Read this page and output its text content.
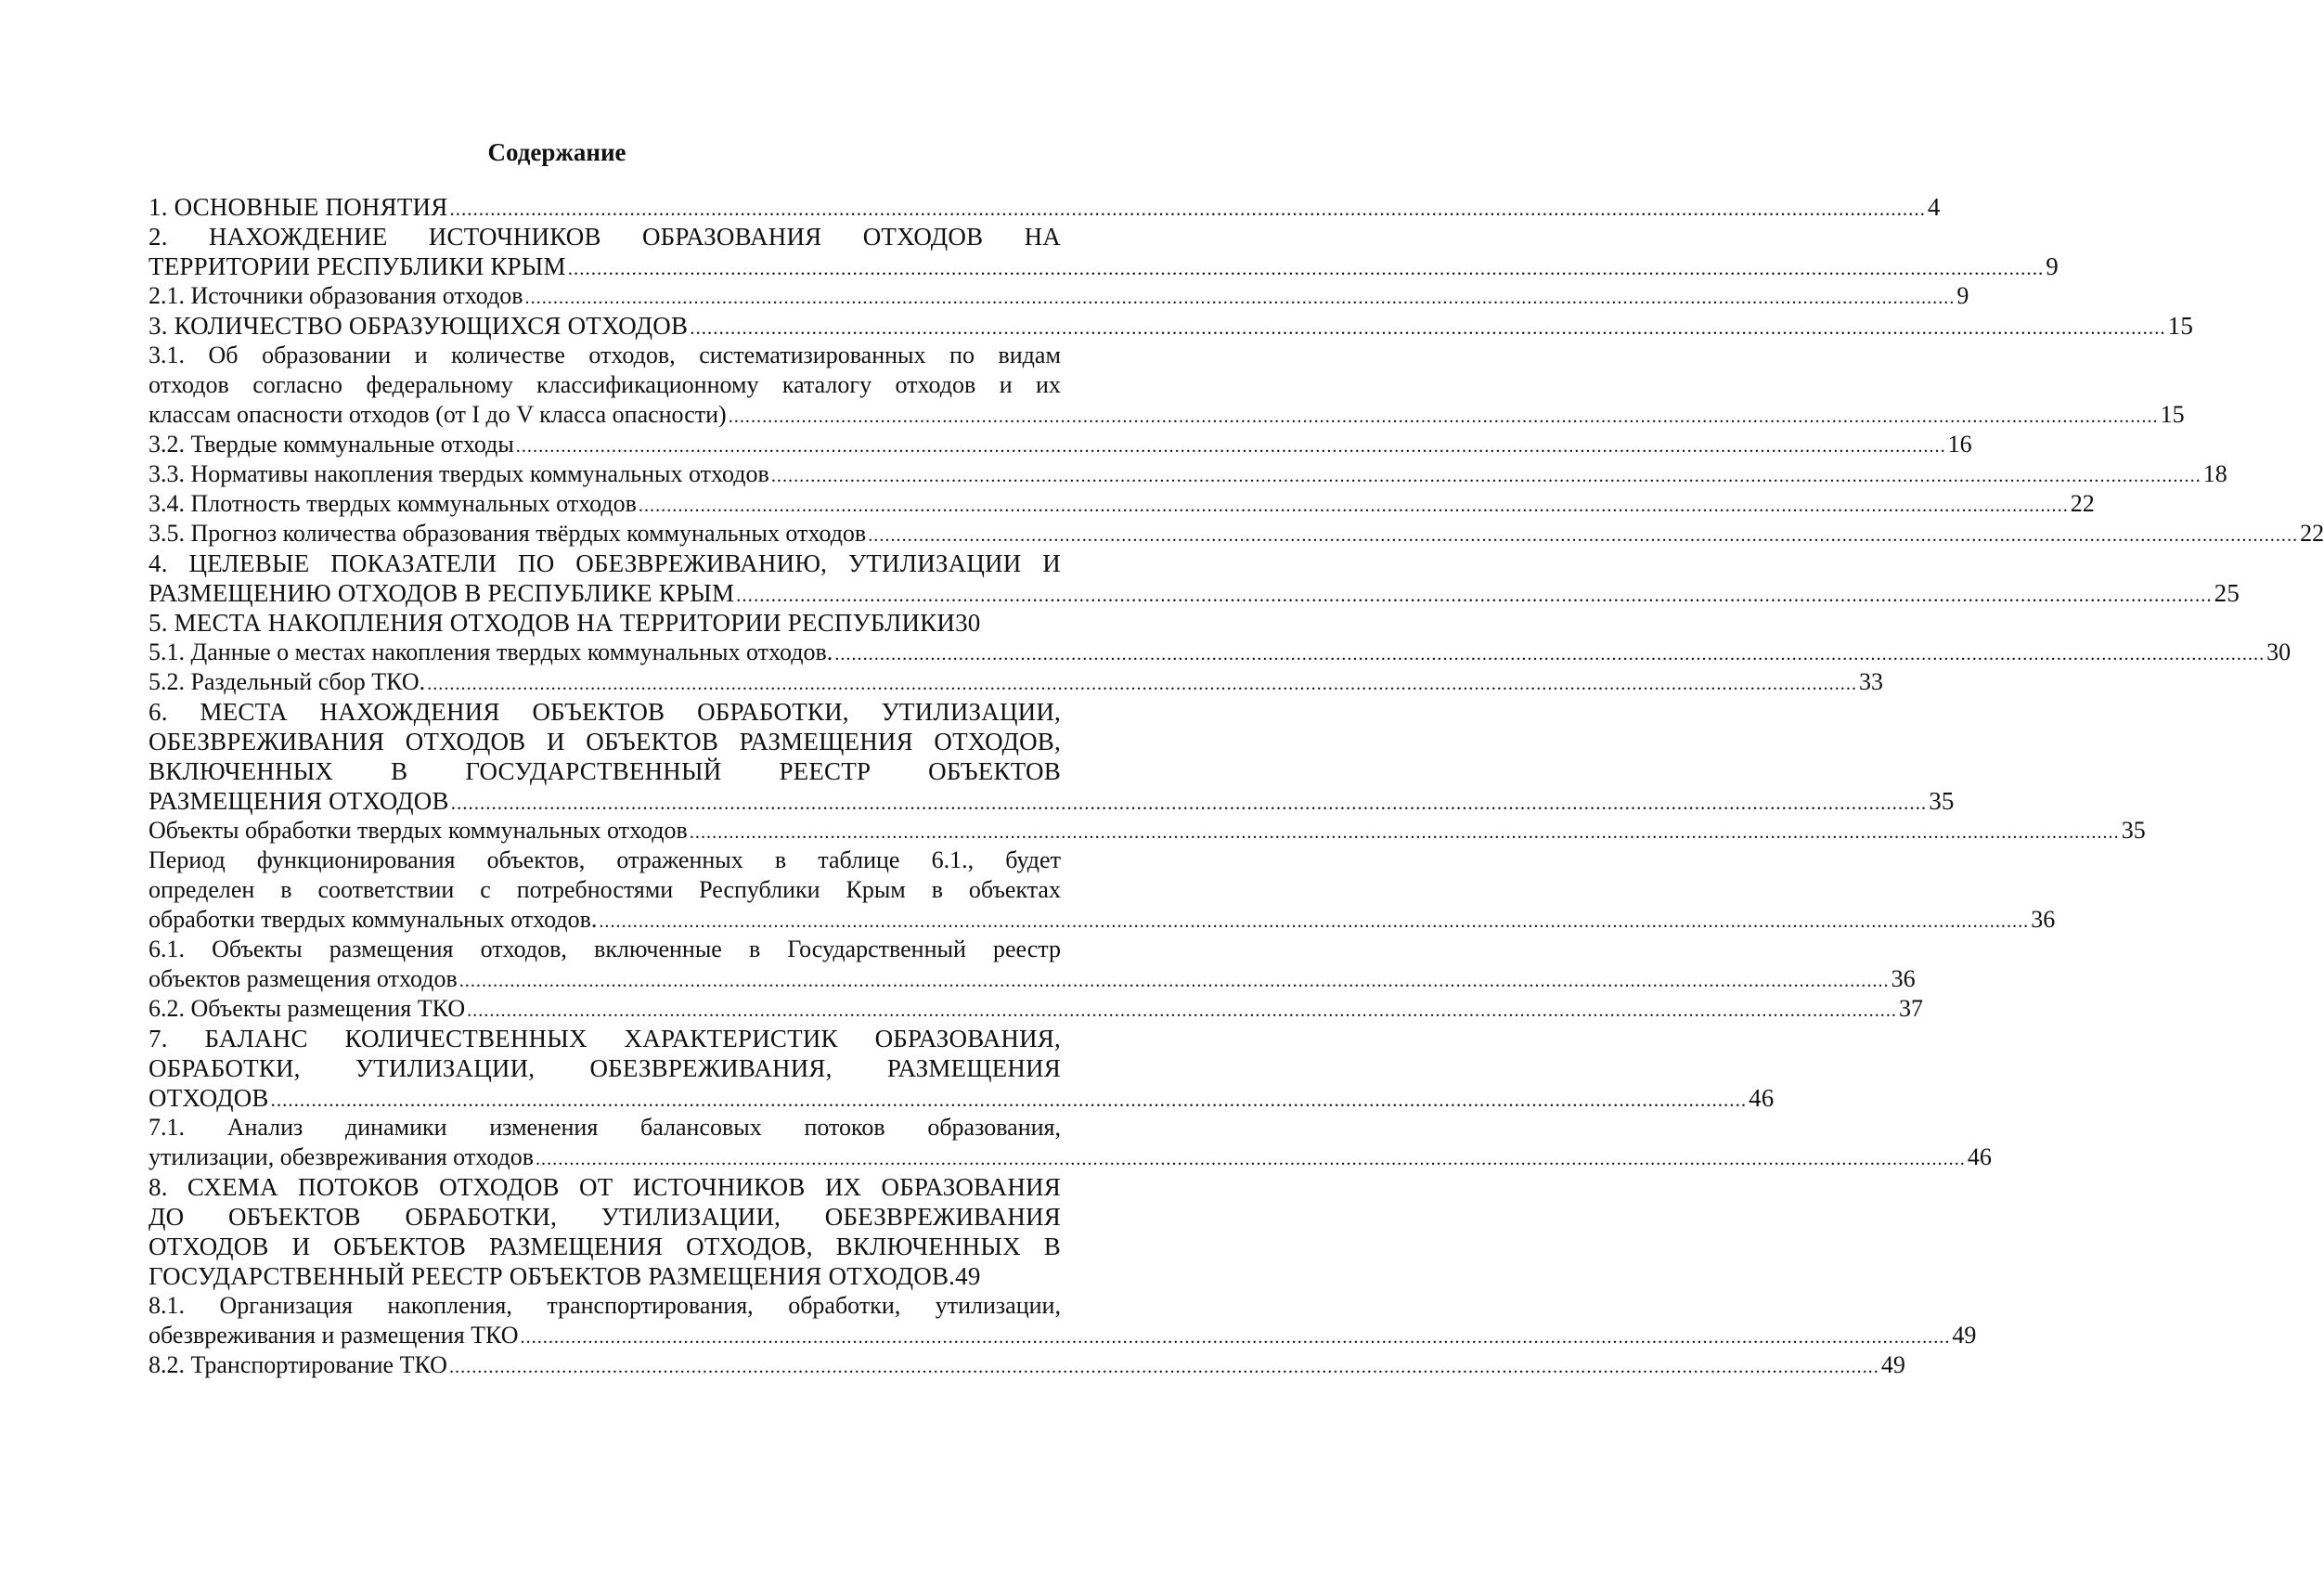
Содержание
1. ОСНОВНЫЕ ПОНЯТИЯ .....	4
2. НАХОЖДЕНИЕ ИСТОЧНИКОВ ОБРАЗОВАНИЯ ОТХОДОВ НА
ТЕРРИТОРИИ РЕСПУБЛИКИ КРЫМ .....	9
2.1. Источники образования отходов .....	9
3. КОЛИЧЕСТВО ОБРАЗУЮЩИХСЯ ОТХОДОВ .....	15
3.1. Об образовании и количестве отходов, систематизированных по видам
отходов согласно федеральному классификационному каталогу отходов и их
классам опасности отходов (от I до V класса опасности) .....	15
3.2. Твердые коммунальные отходы .....	16
3.3. Нормативы накопления твердых коммунальных отходов .....	18
3.4. Плотность твердых коммунальных отходов .....	22
3.5. Прогноз количества образования твёрдых коммунальных отходов .....	22
4. ЦЕЛЕВЫЕ ПОКАЗАТЕЛИ ПО ОБЕЗВРЕЖИВАНИЮ, УТИЛИЗАЦИИ И
РАЗМЕЩЕНИЮ ОТХОДОВ В РЕСПУБЛИКЕ КРЫМ .....	25
5. МЕСТА НАКОПЛЕНИЯ ОТХОДОВ НА ТЕРРИТОРИИ РЕСПУБЛИКИ 30
5.1. Данные о местах накопления твердых коммунальных отходов. .....	30
5.2. Раздельный сбор ТКО. .....	33
6. МЕСТА НАХОЖДЕНИЯ ОБЪЕКТОВ ОБРАБОТКИ, УТИЛИЗАЦИИ,
ОБЕЗВРЕЖИВАНИЯ ОТХОДОВ И ОБЪЕКТОВ РАЗМЕЩЕНИЯ ОТХОДОВ,
ВКЛЮЧЕННЫХ В ГОСУДАРСТВЕННЫЙ РЕЕСТР ОБЪЕКТОВ
РАЗМЕЩЕНИЯ ОТХОДОВ .....	35
Объекты обработки твердых коммунальных отходов .....	35
Период функционирования объектов, отраженных в таблице 6.1., будет
определен в соответствии с потребностями Республики Крым в объектах
обработки твердых коммунальных отходов. .....	36
6.1. Объекты размещения отходов, включенные в Государственный реестр
объектов размещения отходов .....	36
6.2. Объекты размещения ТКО .....	37
7. БАЛАНС КОЛИЧЕСТВЕННЫХ ХАРАКТЕРИСТИК ОБРАЗОВАНИЯ,
ОБРАБОТКИ, УТИЛИЗАЦИИ, ОБЕЗВРЕЖИВАНИЯ, РАЗМЕЩЕНИЯ
ОТХОДОВ .....	46
7.1. Анализ динамики изменения балансовых потоков образования,
утилизации, обезвреживания отходов .....	46
8. СХЕМА ПОТОКОВ ОТХОДОВ ОТ ИСТОЧНИКОВ ИХ ОБРАЗОВАНИЯ
ДО ОБЪЕКТОВ ОБРАБОТКИ, УТИЛИЗАЦИИ, ОБЕЗВРЕЖИВАНИЯ
ОТХОДОВ И ОБЪЕКТОВ РАЗМЕЩЕНИЯ ОТХОДОВ, ВКЛЮЧЕННЫХ В
ГОСУДАРСТВЕННЫЙ РЕЕСТР ОБЪЕКТОВ РАЗМЕЩЕНИЯ ОТХОДОВ. 49
8.1. Организация накопления, транспортирования, обработки, утилизации,
обезвреживания и размещения ТКО .....	49
8.2. Транспортирование ТКО .....	49
